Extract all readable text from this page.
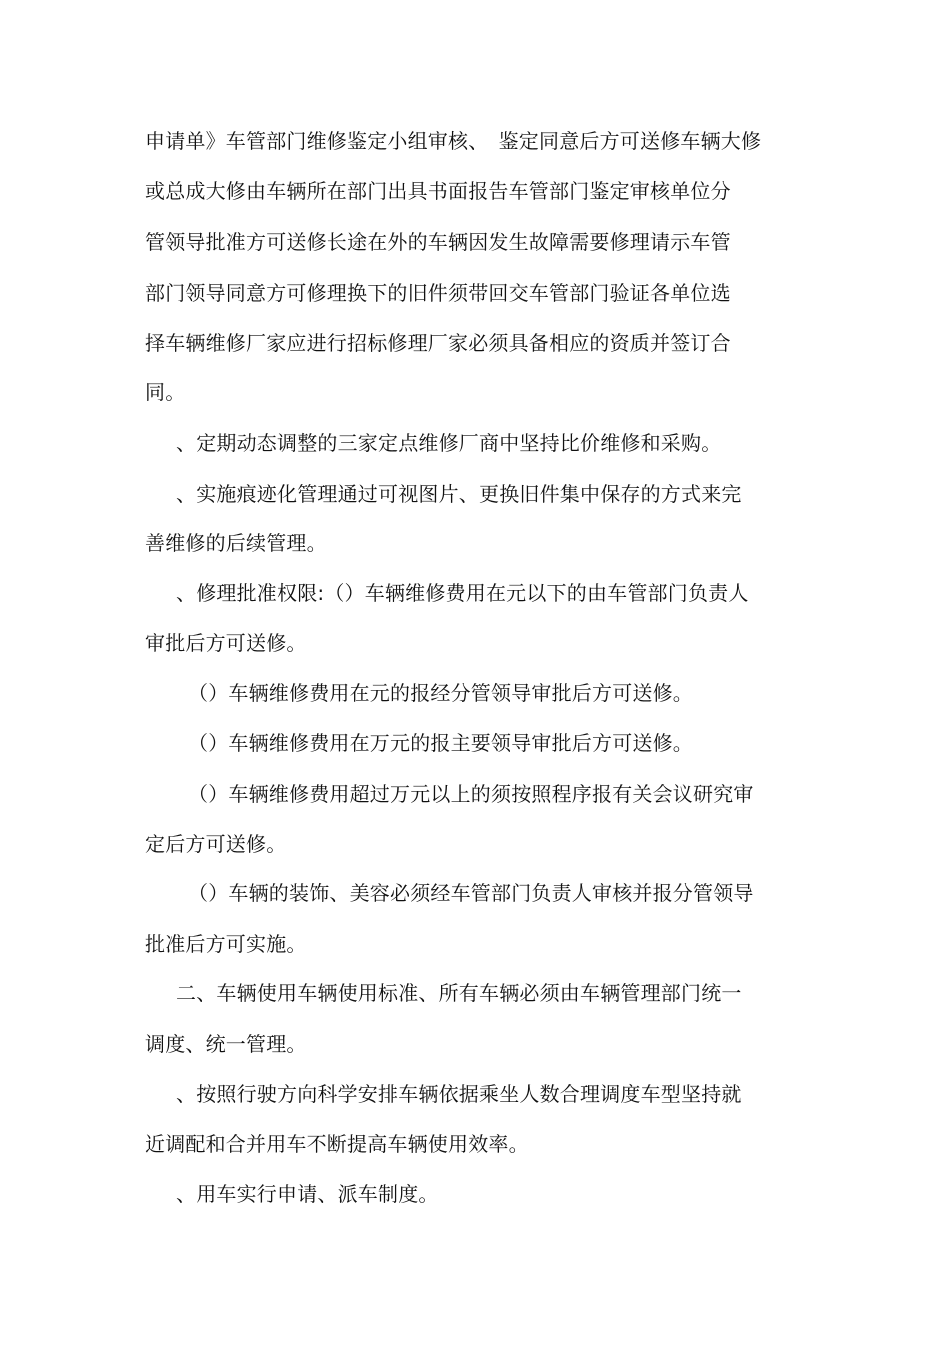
申请单》车管部门维修鉴定小组审核、　鉴定同意后方可送修车辆大修
或总成大修由车辆所在部门出具书面报告车管部门鉴定审核单位分
管领导批准方可送修长途在外的车辆因发生故障需要修理请示车管
部门领导同意方可修理换下的旧件须带回交车管部门验证各单位选
择车辆维修厂家应进行招标修理厂家必须具备相应的资质并签订合
同。
、定期动态调整的三家定点维修厂商中坚持比价维修和采购。
、实施痕迹化管理通过可视图片、更换旧件集中保存的方式来完
善维修的后续管理。
、修理批准权限:（）车辆维修费用在元以下的由车管部门负责人
审批后方可送修。
（）车辆维修费用在元的报经分管领导审批后方可送修。
（）车辆维修费用在万元的报主要领导审批后方可送修。
（）车辆维修费用超过万元以上的须按照程序报有关会议研究审
定后方可送修。
（）车辆的装饰、美容必须经车管部门负责人审核并报分管领导
批准后方可实施。
二、车辆使用车辆使用标准、所有车辆必须由车辆管理部门统一
调度、统一管理。
、按照行驶方向科学安排车辆依据乘坐人数合理调度车型坚持就
近调配和合并用车不断提高车辆使用效率。
、用车实行申请、派车制度。
